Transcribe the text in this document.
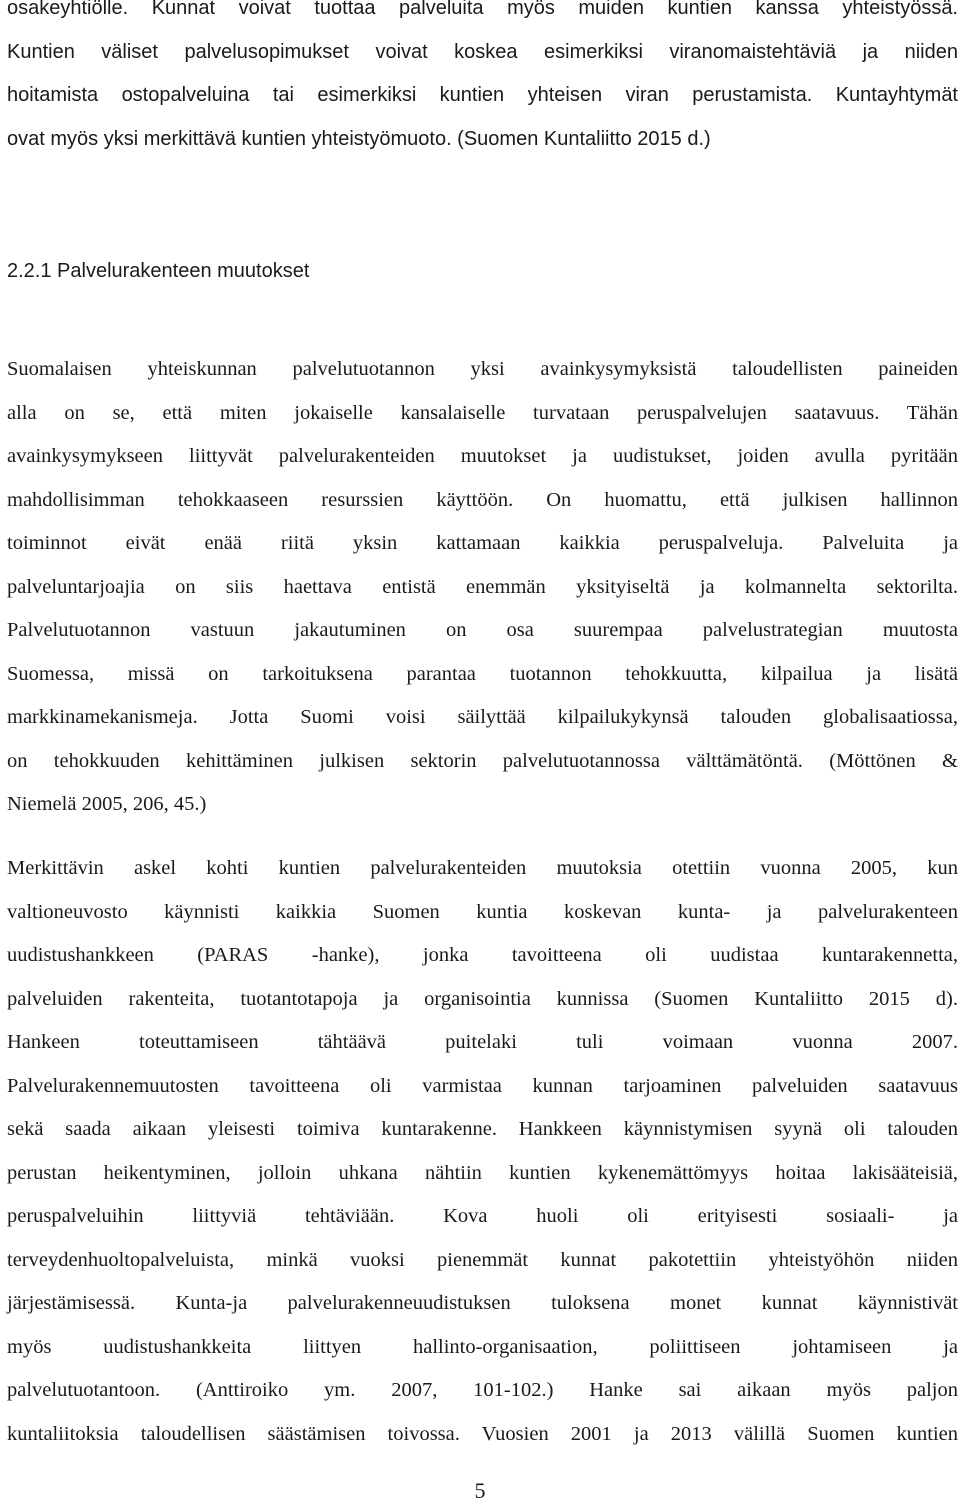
osakeyhtiölle. Kunnat voivat tuottaa palveluita myös muiden kuntien kanssa yhteistyössä.
Kuntien väliset palvelusopimukset voivat koskea esimerkiksi viranomaistehtäviä ja niiden
hoitamista ostopalveluina tai esimerkiksi kuntien yhteisen viran perustamista. Kuntayhtymät
ovat myös yksi merkittävä kuntien yhteistyömuoto. (Suomen Kuntaliitto 2015 d.)
2.2.1 Palvelurakenteen muutokset
Suomalaisen yhteiskunnan palvelutuotannon yksi avainkysymyksistä taloudellisten paineiden
alla on se, että miten jokaiselle kansalaiselle turvataan peruspalvelujen saatavuus. Tähän
avainkysymykseen liittyvät palvelurakenteiden muutokset ja uudistukset, joiden avulla pyritään
mahdollisimman tehokkaaseen resurssien käyttöön. On huomattu, että julkisen hallinnon
toiminnot eivät enää riitä yksin kattamaan kaikkia peruspalveluja. Palveluita ja
palveluntarjoajia on siis haettava entistä enemmän yksityiseltä ja kolmannelta sektorilta.
Palvelutuotannon vastuun jakautuminen on osa suurempaa palvelustrategian muutosta
Suomessa, missä on tarkoituksena parantaa tuotannon tehokkuutta, kilpailua ja lisätä
markkinamekanismeja. Jotta Suomi voisi säilyttää kilpailukykynsä talouden globalisaatiossa,
on tehokkuuden kehittäminen julkisen sektorin palvelutuotannossa välttämätöntä. (Möttönen &
Niemelä 2005, 206, 45.)
Merkittävin askel kohti kuntien palvelurakenteiden muutoksia otettiin vuonna 2005, kun
valtioneuvosto käynnisti kaikkia Suomen kuntia koskevan kunta- ja palvelurakenteen
uudistushankkeen (PARAS -hanke), jonka tavoitteena oli uudistaa kuntarakennetta,
palveluiden rakenteita, tuotantotapoja ja organisointia kunnissa (Suomen Kuntaliitto 2015 d).
Hankeen toteuttamiseen tähtäävä puitelaki tuli voimaan vuonna 2007.
Palvelurakennemuutosten tavoitteena oli varmistaa kunnan tarjoaminen palveluiden saatavuus
sekä saada aikaan yleisesti toimiva kuntarakenne. Hankkeen käynnistymisen syynä oli talouden
perustan heikentyminen, jolloin uhkana nähtiin kuntien kykenemättömyys hoitaa lakisääteisiä,
peruspalveluihin liittyviä tehtäviään. Kova huoli oli erityisesti sosiaali- ja
terveydenhuoltopalveluista, minkä vuoksi pienemmät kunnat pakotettiin yhteistyöhön niiden
järjestämisessä. Kunta-ja palvelurakenneuudistuksen tuloksena monet kunnat käynnistivät
myös uudistushankkeita liittyen hallinto-organisaation, poliittiseen johtamiseen ja
palvelutuotantoon. (Anttiroiko ym. 2007, 101-102.) Hanke sai aikaan myös paljon
kuntaliitoksia taloudellisen säästämisen toivossa. Vuosien 2001 ja 2013 välillä Suomen kuntien
5
